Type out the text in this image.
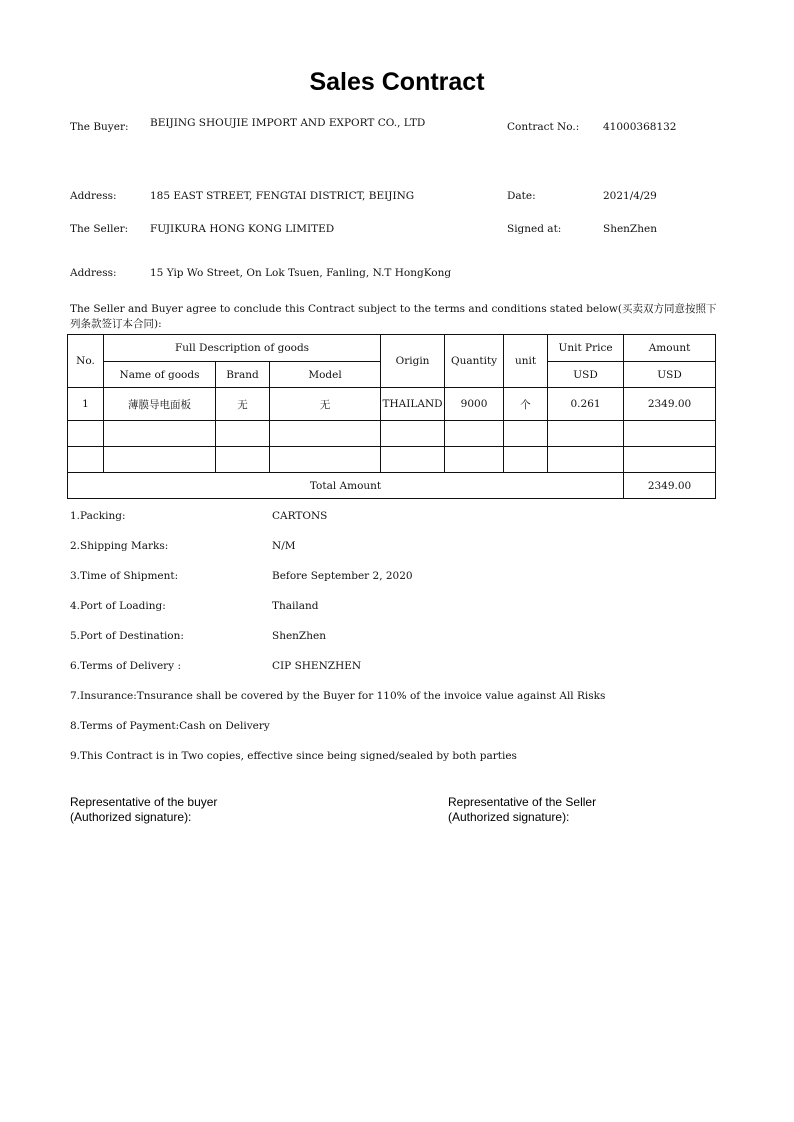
Sales Contract
The Buyer: BEIJING SHOUJIE IMPORT AND EXPORT CO., LTD	Contract No.: 41000368132
Address:	185 EAST STREET, FENGTAI DISTRICT, BEIJING	Date:	2021/4/29
The Seller: FUJIKURA HONG KONG LIMITED	Signed at:	ShenZhen
Address:	15 Yip Wo Street, On Lok Tsuen, Fanling, N.T HongKong
The Seller and Buyer agree to conclude this Contract subject to the terms and conditions stated below(买卖双方同意按照下列条款签订本合同):
No.	Full Description of goods			Origin	Quantity	unit	Unit Price	Amount
	Name of goods	Brand	Model				USD	USD
1	薄膜导电面板	无	无	THAILAND	9000	个	0.261	2349.00

Total Amount								2349.00
1.Packing:	CARTONS
2.Shipping Marks:	N/M
3.Time of Shipment:	Before September 2, 2020
4.Port of Loading:	Thailand
5.Port of Destination:	ShenZhen
6.Terms of Delivery :	CIP SHENZHEN
7.Insurance:Tnsurance shall be covered by the Buyer for 110% of the invoice value against All Risks
8.Terms of Payment:Cash on Delivery
9.This Contract is in Two copies, effective since being signed/sealed by both parties
Representative of the buyer
(Authorized signature):
Representative of the Seller
(Authorized signature):
